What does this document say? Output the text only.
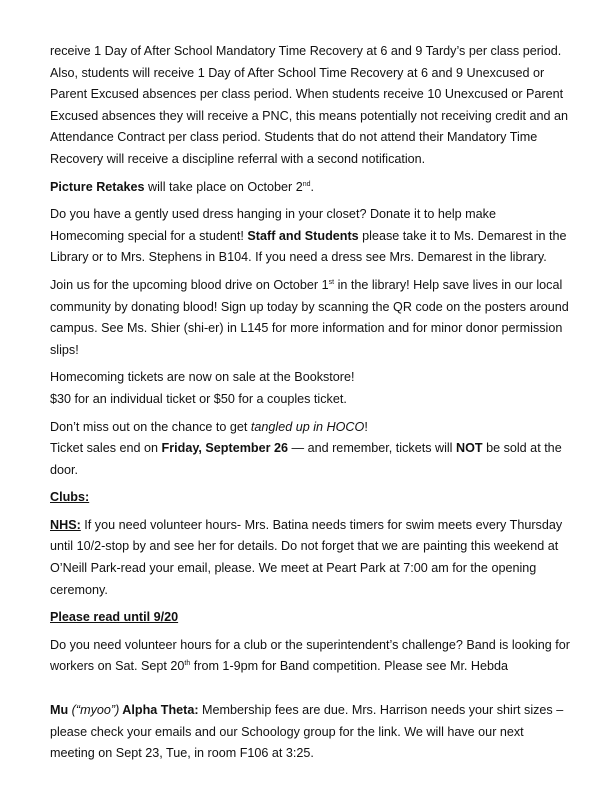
receive 1 Day of After School Mandatory Time Recovery at 6 and 9 Tardy’s per class period. Also, students will receive 1 Day of After School Time Recovery at 6 and 9 Unexcused or Parent Excused absences per class period. When students receive 10 Unexcused or Parent Excused absences they will receive a PNC, this means potentially not receiving credit and an Attendance Contract per class period. Students that do not attend their Mandatory Time Recovery will receive a discipline referral with a second notification.

Picture Retakes will take place on October 2nd.

Do you have a gently used dress hanging in your closet? Donate it to help make Homecoming special for a student! Staff and Students please take it to Ms. Demarest in the Library or to Mrs. Stephens in B104. If you need a dress see Mrs. Demarest in the library.

Join us for the upcoming blood drive on October 1st in the library! Help save lives in our local community by donating blood! Sign up today by scanning the QR code on the posters around campus. See Ms. Shier (shi-er) in L145 for more information and for minor donor permission slips!

Homecoming tickets are now on sale at the Bookstore!
$30 for an individual ticket or $50 for a couples ticket.

Don’t miss out on the chance to get tangled up in HOCO!
Ticket sales end on Friday, September 26 — and remember, tickets will NOT be sold at the door.

Clubs:

NHS: If you need volunteer hours- Mrs. Batina needs timers for swim meets every Thursday until 10/2-stop by and see her for details. Do not forget that we are painting this weekend at O’Neill Park-read your email, please. We meet at Peart Park at 7:00 am for the opening ceremony.

Please read until 9/20

Do you need volunteer hours for a club or the superintendent’s challenge? Band is looking for workers on Sat. Sept 20th from 1-9pm for Band competition. Please see Mr. Hebda

Mu (“myoo”) Alpha Theta: Membership fees are due. Mrs. Harrison needs your shirt sizes – please check your emails and our Schoology group for the link. We will have our next meeting on Sept 23, Tue, in room F106 at 3:25.
